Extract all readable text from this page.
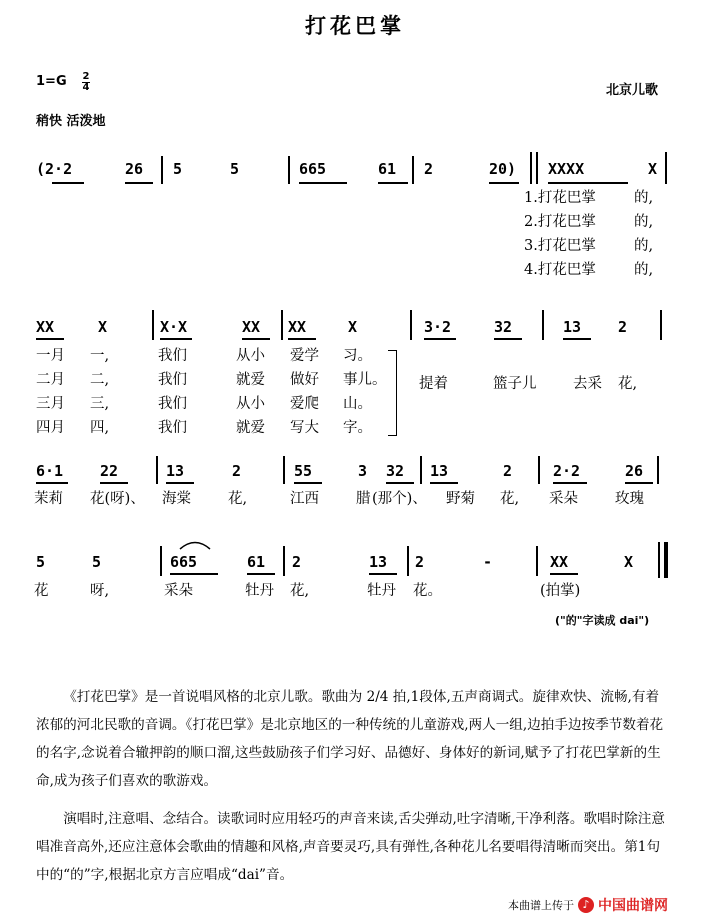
打花巴掌
1=G 2
4	北京儿歌
稍快 活泼地
(2·2	26 5	5	665	61 2	20) XXXX	X
1.打花巴掌	的,
2.打花巴掌	的,
3.打花巴掌	的,
4.打花巴掌	的,
XX	X	X·X	XX XX	X	3·2	32	13 2
一月 一,	我们	从小 爱学 习。
二月 二,	我们	就爱 做好 事儿。
三月 三,	我们	从小 爱爬 山。
四月 四,	我们	就爱 写大 字。
提着	篮子儿	去采 花,
6·1 22	13	2	55	3 32 13	2	2·2	26
茉莉 花(呀)、 海棠	花,	江西	腊 (那个)、 野菊 花, 采朵	玫瑰
5	5	665	61 2	13 2	-	XX	X
花	呀,	采朵	牡丹 花,	牡丹 花。	(拍掌)
("的"字读成 dai")
《打花巴掌》是一首说唱风格的北京儿歌。歌曲为 2/4 拍,1段体,五声商调式。旋律欢快、流畅,有着浓郁的河北民歌的音调。《打花巴掌》是北京地区的一种传统的儿童游戏,两人一组,边拍手边按季节数着花的名字,念说着合辙押韵的顺口溜,这些鼓励孩子们学习好、品德好、身体好的新词,赋予了打花巴掌新的生命,成为孩子们喜欢的歌游戏。
演唱时,注意唱、念结合。读歌词时应用轻巧的声音来读,舌尖弹动,吐字清晰,干净利落。歌唱时除注意唱准音高外,还应注意体会歌曲的情趣和风格,声音要灵巧,具有弹性,各种花儿名要唱得清晰而突出。第1句中的“的”字,根据北京方言应唱成“dai”音。
本曲谱上传于 ♪ 中国曲谱网
